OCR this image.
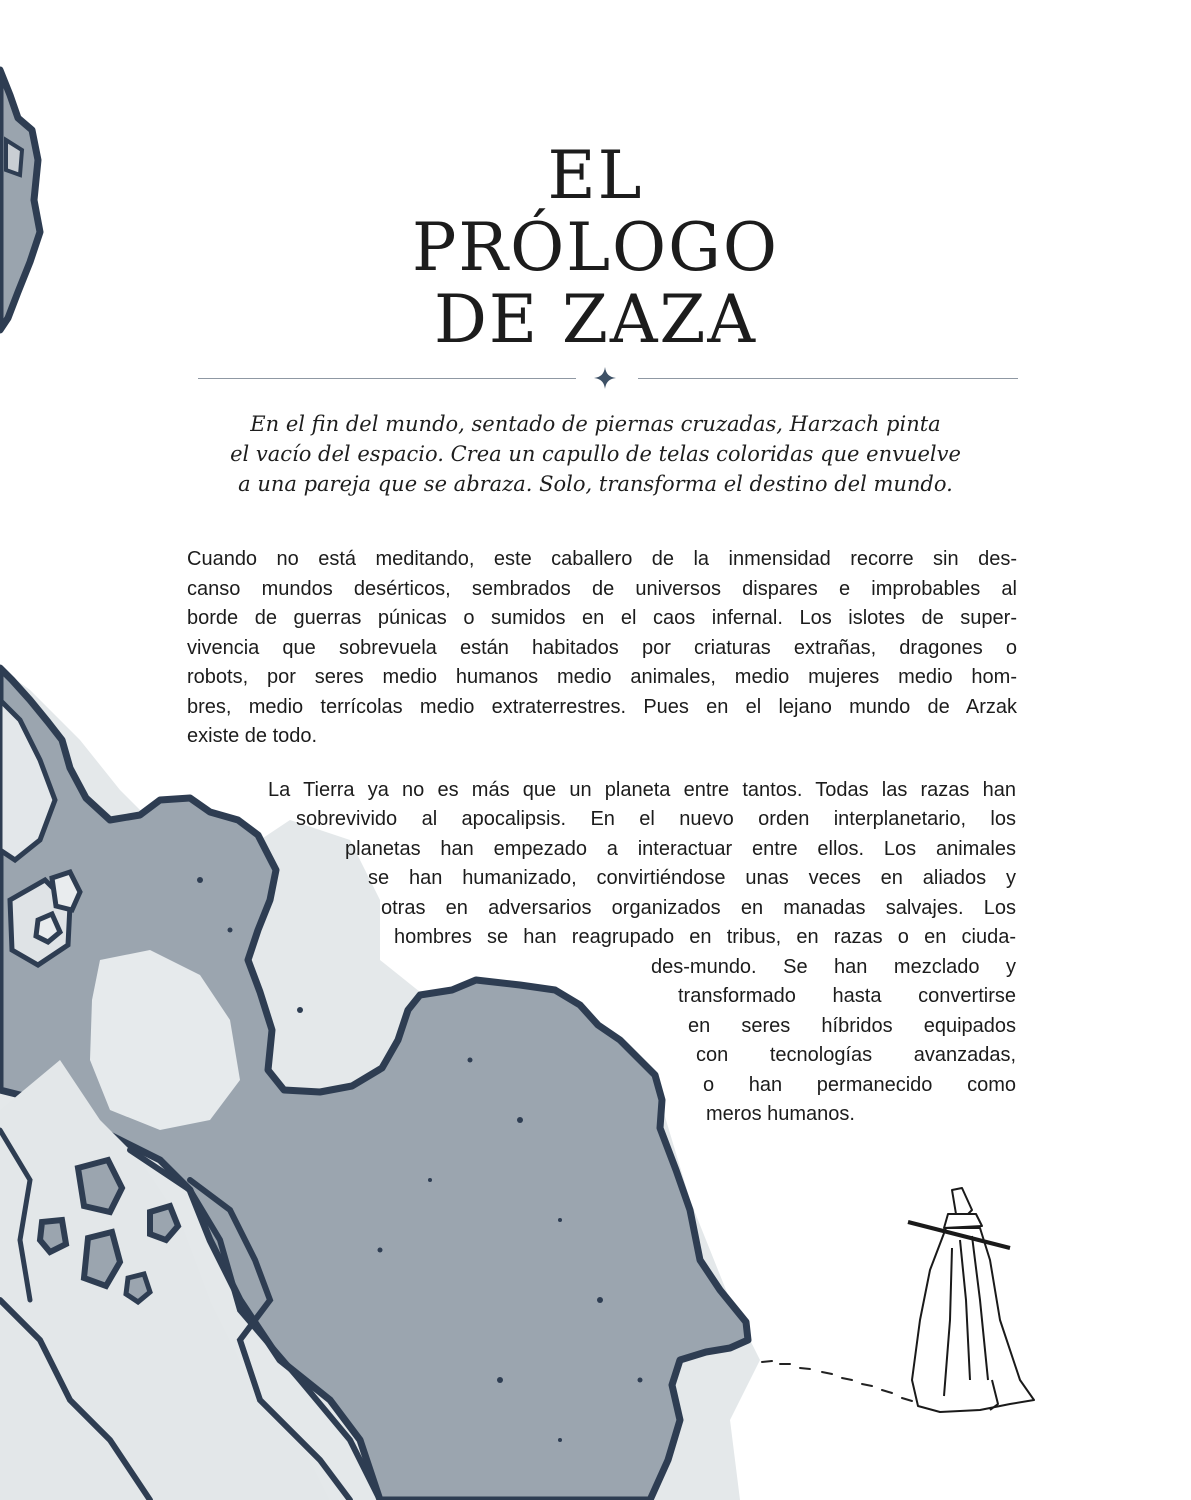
EL
PRÓLOGO
DE ZAZA
En el fin del mundo, sentado de piernas cruzadas, Harzach pinta
el vacío del espacio. Crea un capullo de telas coloridas que envuelve
a una pareja que se abraza. Solo, transforma el destino del mundo.
Cuando no está meditando, este caballero de la inmensidad recorre sin des-
canso mundos desérticos, sembrados de universos dispares e improbables al
borde de guerras púnicas o sumidos en el caos infernal. Los islotes de super-
vivencia que sobrevuela están habitados por criaturas extrañas, dragones o
robots, por seres medio humanos medio animales, medio mujeres medio hom-
bres, medio terrícolas medio extraterrestres. Pues en el lejano mundo de Arzak
existe de todo.
La Tierra ya no es más que un planeta entre tantos. Todas las razas han
sobrevivido al apocalipsis. En el nuevo orden interplanetario, los
planetas han empezado a interactuar entre ellos. Los animales
se han humanizado, convirtiéndose unas veces en aliados y
otras en adversarios organizados en manadas salvajes. Los
hombres se han reagrupado en tribus, en razas o en ciuda-
des-mundo. Se han mezclado y
transformado hasta convertirse
en seres híbridos equipados
con tecnologías avanzadas,
o han permanecido como
meros humanos.
